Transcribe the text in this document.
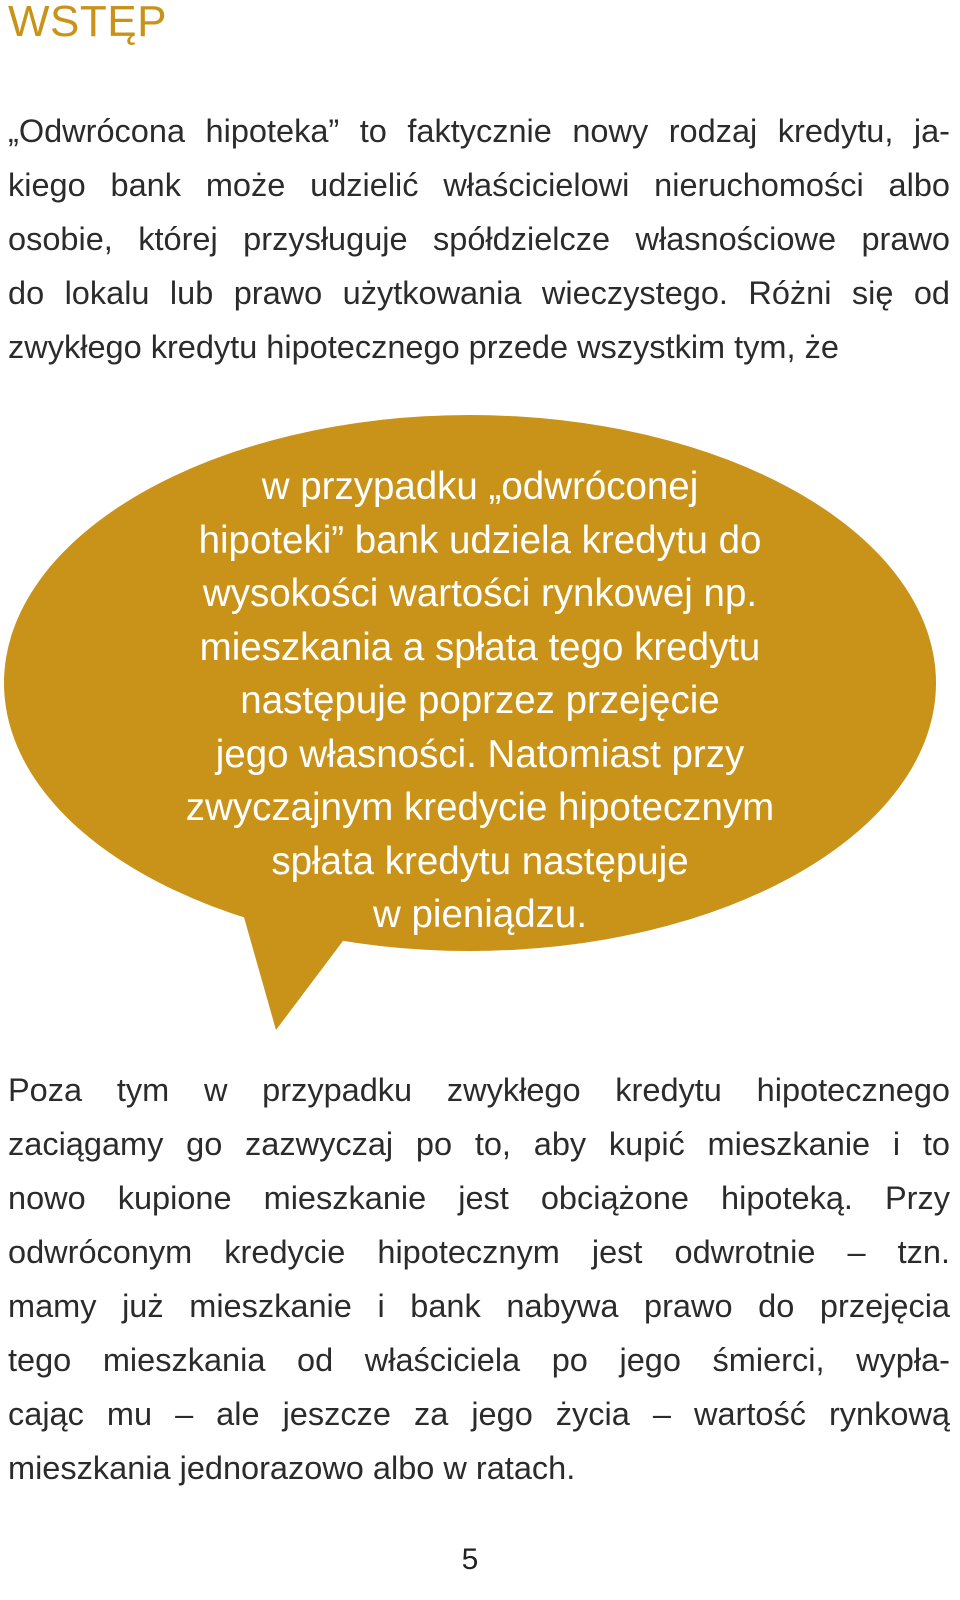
WSTĘP

„Odwrócona hipoteka” to faktycznie nowy rodzaj kredytu, ja-
kiego bank może udzielić właścicielowi nieruchomości albo
osobie, której przysługuje spółdzielcze własnościowe prawo
do lokalu lub prawo użytkowania wieczystego. Różni się od
zwykłego kredytu hipotecznego przede wszystkim tym, że

w przypadku „odwróconej
hipoteki” bank udziela kredytu do
wysokości wartości rynkowej np.
mieszkania a spłata tego kredytu
następuje poprzez przejęcie
jego własności. Natomiast przy
zwyczajnym kredycie hipotecznym
spłata kredytu następuje
w pieniądzu.

Poza tym w przypadku zwykłego kredytu hipotecznego
zaciągamy go zazwyczaj po to, aby kupić mieszkanie i to
nowo kupione mieszkanie jest obciążone hipoteką. Przy
odwróconym kredycie hipotecznym jest odwrotnie – tzn.
mamy już mieszkanie i bank nabywa prawo do przejęcia
tego mieszkania od właściciela po jego śmierci, wypła-
cając mu – ale jeszcze za jego życia – wartość rynkową
mieszkania jednorazowo albo w ratach.

5
